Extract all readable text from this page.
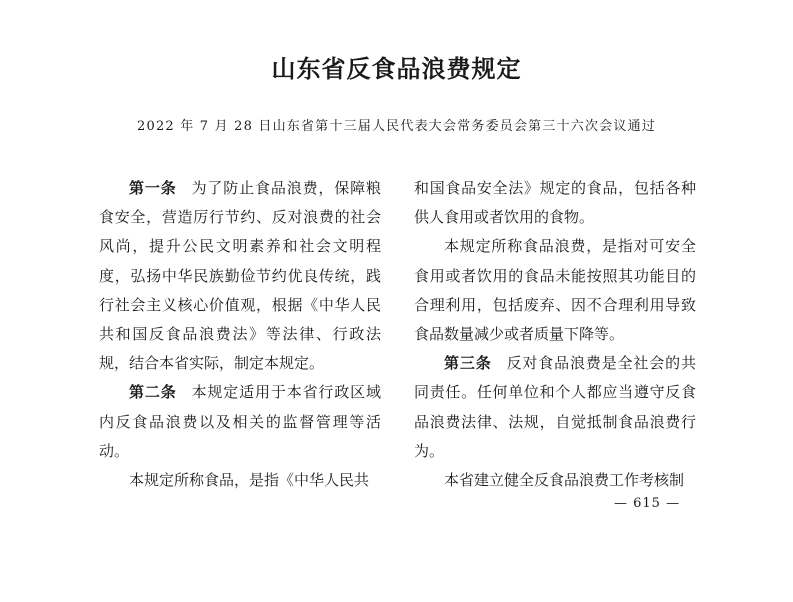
山东省反食品浪费规定

2022 年 7 月 28 日山东省第十三届人民代表大会常务委员会第三十六次会议通过

第一条 为了防止食品浪费，保障粮食安全，营造厉行节约、反对浪费的社会风尚，提升公民文明素养和社会文明程度，弘扬中华民族勤俭节约优良传统，践行社会主义核心价值观，根据《中华人民共和国反食品浪费法》等法律、行政法规，结合本省实际，制定本规定。

第二条 本规定适用于本省行政区域内反食品浪费以及相关的监督管理等活动。

本规定所称食品，是指《中华人民共

和国食品安全法》规定的食品，包括各种供人食用或者饮用的食物。

本规定所称食品浪费，是指对可安全食用或者饮用的食品未能按照其功能目的合理利用，包括废弃、因不合理利用导致食品数量减少或者质量下降等。

第三条 反对食品浪费是全社会的共同责任。任何单位和个人都应当遵守反食品浪费法律、法规，自觉抵制食品浪费行为。

本省建立健全反食品浪费工作考核制

— 615 —
